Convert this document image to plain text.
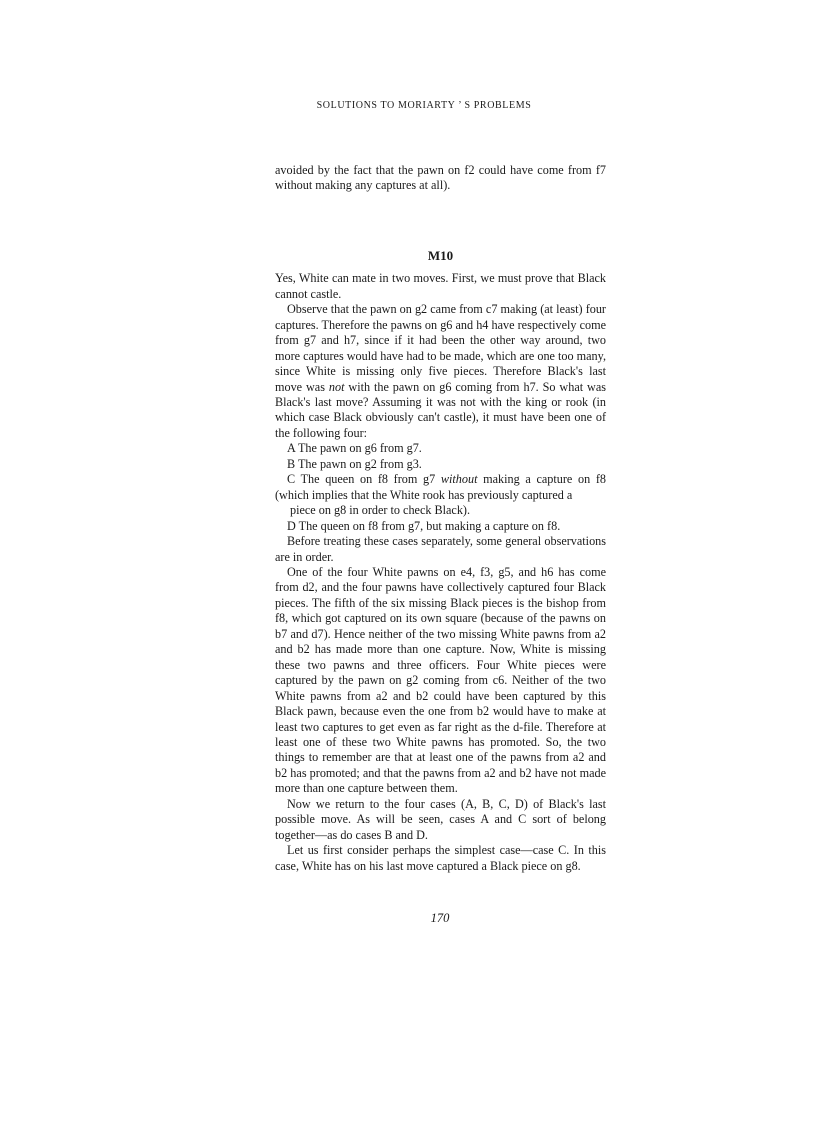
SOLUTIONS TO MORIARTY ’ S PROBLEMS

avoided by the fact that the pawn on f2 could have come from f7 without making any captures at all).

M10

Yes, White can mate in two moves. First, we must prove that Black cannot castle.

Observe that the pawn on g2 came from c7 making (at least) four captures. Therefore the pawns on g6 and h4 have respectively come from g7 and h7, since if it had been the other way around, two more captures would have had to be made, which are one too many, since White is missing only five pieces. Therefore Black's last move was not with the pawn on g6 coming from h7. So what was Black's last move? Assuming it was not with the king or rook (in which case Black obviously can't castle), it must have been one of the following four:

A The pawn on g6 from g7.

B The pawn on g2 from g3.

C The queen on f8 from g7 without making a capture on f8 (which implies that the White rook has previously captured a

piece on g8 in order to check Black).

D The queen on f8 from g7, but making a capture on f8.

Before treating these cases separately, some general observations are in order.

One of the four White pawns on e4, f3, g5, and h6 has come from d2, and the four pawns have collectively captured four Black pieces. The fifth of the six missing Black pieces is the bishop from f8, which got captured on its own square (because of the pawns on b7 and d7). Hence neither of the two missing White pawns from a2 and b2 has made more than one capture. Now, White is missing these two pawns and three officers. Four White pieces were captured by the pawn on g2 coming from c6. Neither of the two White pawns from a2 and b2 could have been captured by this Black pawn, because even the one from b2 would have to make at least two captures to get even as far right as the d-file. Therefore at least one of these two White pawns has promoted. So, the two things to remember are that at least one of the pawns from a2 and b2 has promoted; and that the pawns from a2 and b2 have not made more than one capture between them.

Now we return to the four cases (A, B, C, D) of Black's last possible move. As will be seen, cases A and C sort of belong together—as do cases B and D.

Let us first consider perhaps the simplest case—case C. In this case, White has on his last move captured a Black piece on g8.

170
